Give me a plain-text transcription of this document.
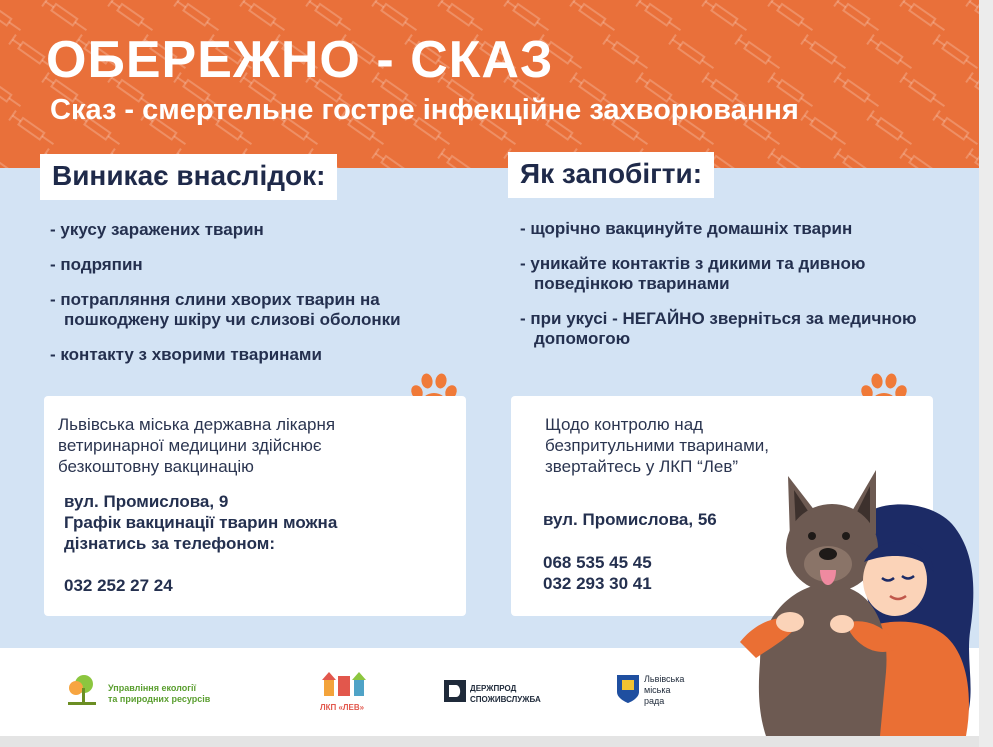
ОБЕРЕЖНО - СКАЗ
Сказ - смертельне гостре інфекційне захворювання
Виникає внаслідок:
- укусу заражених тварин
- подряпин
- потрапляння слини хворих тварин на пошкоджену шкіру чи слизові оболонки
- контакту з хворими тваринами
Як запобігти:
- щорічно вакцинуйте домашніх тварин
- уникайте контактів з дикими та дивною поведінкою тваринами
- при укусі - НЕГАЙНО зверніться за медичною допомогою
Львівська міська державна лікарня
ветиринарної медицини здійснює
безкоштовну вакцинацію
вул. Промислова, 9
Графік вакцинації тварин можна
дізнатись за телефоном:
032 252 27 24
Щодо контролю над
безпритульними тваринами,
звертайтесь у ЛКП “Лев”
вул. Промислова, 56
068 535 45 45
032 293 30 41
Управління екології
та природних ресурсів
ЛКП «ЛЕВ»
ДЕРЖПРОД
СПОЖИВСЛУЖБА
Львівська
міська
рада
